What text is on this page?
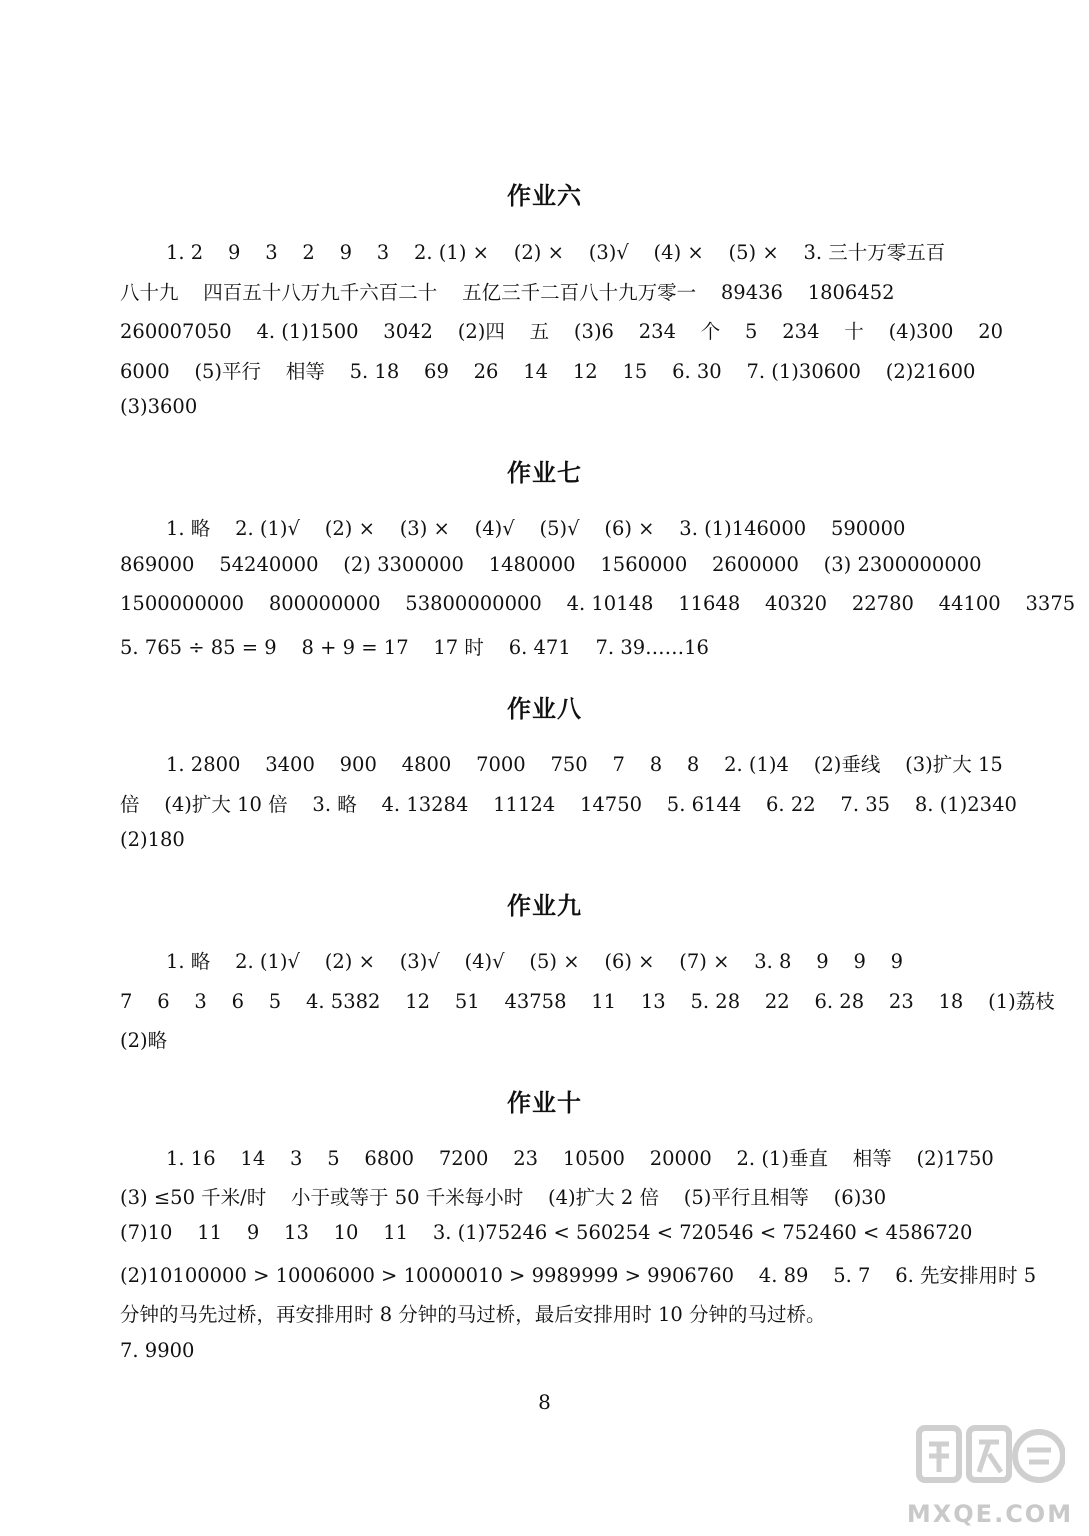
作业六

1. 2    9    3    2    9    3    2. (1) ×    (2) ×    (3)√    (4) ×    (5) ×    3. 三十万零五百

八十九    四百五十八万九千六百二十    五亿三千二百八十九万零一    89436    1806452

260007050    4. (1)1500    3042    (2)四    五    (3)6    234    个    5    234    十    (4)300    20

6000    (5)平行    相等    5. 18    69    26    14    12    15    6. 30    7. (1)30600    (2)21600

(3)3600

作业七

1. 略    2. (1)√    (2) ×    (3) ×    (4)√    (5)√    (6) ×    3. (1)146000    590000

869000    54240000    (2) 3300000    1480000    1560000    2600000    (3) 2300000000

1500000000    800000000    53800000000    4. 10148    11648    40320    22780    44100    3375

5. 765 ÷ 85 = 9    8 + 9 = 17    17 时    6. 471    7. 39……16

作业八

1. 2800    3400    900    4800    7000    750    7    8    8    2. (1)4    (2)垂线    (3)扩大 15

倍    (4)扩大 10 倍    3. 略    4. 13284    11124    14750    5. 6144    6. 22    7. 35    8. (1)2340

(2)180

作业九

1. 略    2. (1)√    (2) ×    (3)√    (4)√    (5) ×    (6) ×    (7) ×    3. 8    9    9    9

7    6    3    6    5    4. 5382    12    51    43758    11    13    5. 28    22    6. 28    23    18    (1)荔枝

(2)略

作业十

1. 16    14    3    5    6800    7200    23    10500    20000    2. (1)垂直    相等    (2)1750

(3) ≤50 千米/时    小于或等于 50 千米每小时    (4)扩大 2 倍    (5)平行且相等    (6)30

(7)10    11    9    13    10    11    3. (1)75246 < 560254 < 720546 < 752460 < 4586720

(2)10100000 > 10006000 > 10000010 > 9989999 > 9906760    4. 89    5. 7    6. 先安排用时 5

分钟的马先过桥，再安排用时 8 分钟的马过桥，最后安排用时 10 分钟的马过桥。

7. 9900

8
MXQE.COM
